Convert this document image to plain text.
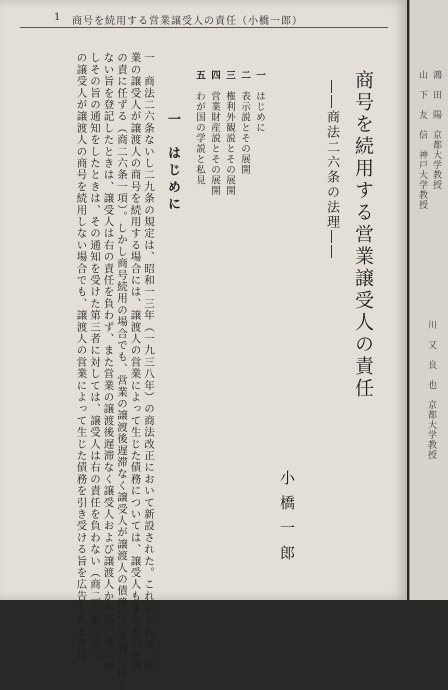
1 商号を続用する営業譲受人の責任（小橋一郎）
商号を続用する営業譲受人の責任
――商法二六条の法理――
一　はじめに
二　表示説とその展開
三　権利外観説とその展開
四　営業財産説とその展開
五　わが国の学説と私見
一　はじめに
一　商法二六条ないし二九条の規定は、昭和一三年（一九三八年）の商法改正において新設された。これによれば、営
業の譲受人が譲渡人の商号を続用する場合には、譲渡人の営業によって生じた債務については、譲受人もまたその弁済
の責に任ずる（商二六条一項）。しかし商号続用の場合でも、営業の譲渡後遅滞なく譲受人が譲渡人の債務につき責に任じ
ない旨を登記したときは、譲受人は右の責任を負わず、また営業の譲渡後遅滞なく譲受人および譲渡人から第三者に対
しその旨の通知をしたときは、その通知を受けた第三者に対しては、譲受人は右の責任を負わない（商二六条二項）。
の譲受人が譲渡人の商号を続用しない場合でも、譲渡人の営業によって生じた債務を引き受ける旨を広告したときは、	小橋一郎
鴻　田　陽　京都大学教授
山　下　友　信　神戸大学教授
川　又　良　也　京都大学教授
